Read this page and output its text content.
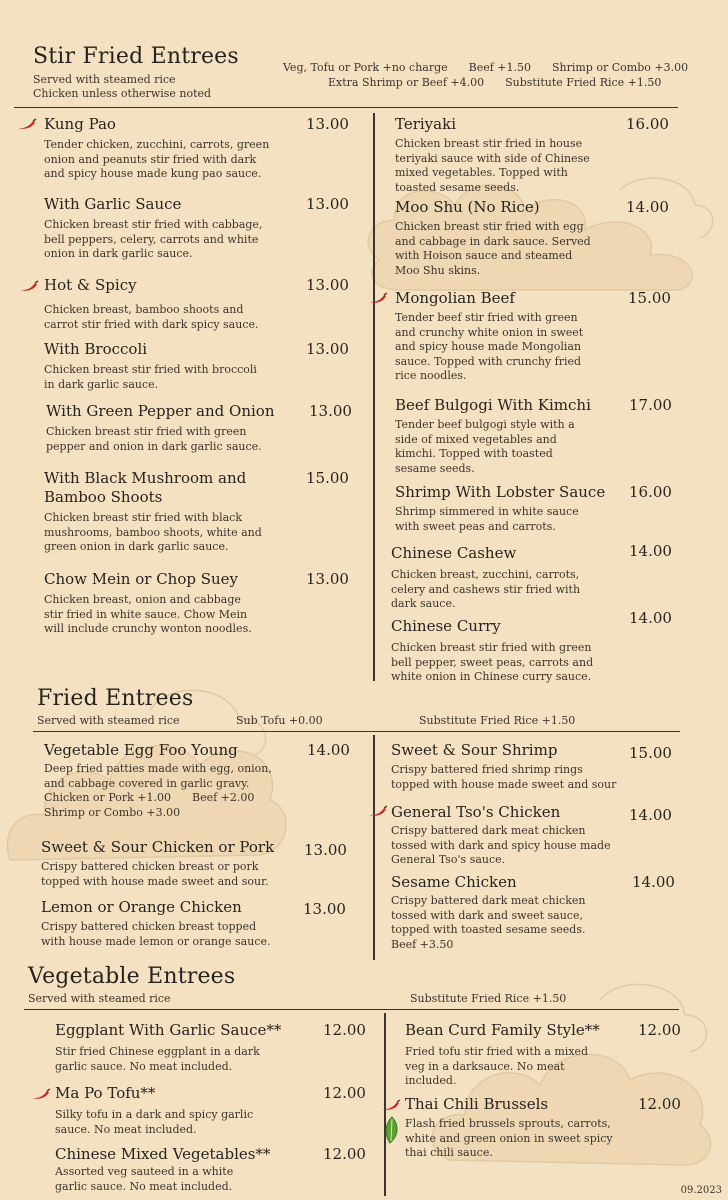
Stir Fried Entrees
Served with steamed rice
Chicken unless otherwise noted
Veg, Tofu or Pork +no charge      Beef +1.50      Shrimp or Combo +3.00
Extra Shrimp or Beef +4.00      Substitute Fried Rice +1.50
Kung Pao	13.00
Tender chicken, zucchini, carrots, green
onion and peanuts stir fried with dark
and spicy house made kung pao sauce.
With Garlic Sauce	13.00
Chicken breast stir fried with cabbage,
bell peppers, celery, carrots and white
onion in dark garlic sauce.
Hot & Spicy	13.00
Chicken breast, bamboo shoots and
carrot stir fried with dark spicy sauce.
With Broccoli	13.00
Chicken breast stir fried with broccoli
in dark garlic sauce.
With Green Pepper and Onion	13.00
Chicken breast stir fried with green
pepper and onion in dark garlic sauce.
With Black Mushroom and Bamboo Shoots
15.00
Chicken breast stir fried with black
mushrooms, bamboo shoots, white and
green onion in dark garlic sauce.
Chow Mein or Chop Suey	13.00
Chicken breast, onion and cabbage
stir fried in white sauce. Chow Mein
will include crunchy wonton noodles.
Teriyaki	16.00
Chicken breast stir fried in house
teriyaki sauce with side of Chinese
mixed vegetables. Topped with
toasted sesame seeds.
Moo Shu (No Rice)	14.00
Chicken breast stir fried with egg
and cabbage in dark sauce. Served
with Hoison sauce and steamed
Moo Shu skins.
Mongolian Beef	15.00
Tender beef stir fried with green
and crunchy white onion in sweet
and spicy house made Mongolian
sauce. Topped with crunchy fried
rice noodles.
Beef Bulgogi With Kimchi	17.00
Tender beef bulgogi style with a
side of mixed vegetables and
kimchi. Topped with toasted
sesame seeds.
Shrimp With Lobster Sauce	16.00
Shrimp simmered in white sauce
with sweet peas and carrots.
Chinese Cashew	14.00
Chicken breast, zucchini, carrots,
celery and cashews stir fried with
dark sauce.
Chinese Curry	14.00
Chicken breast stir fried with green
bell pepper, sweet peas, carrots and
white onion in Chinese curry sauce.
Fried Entrees
Served with steamed rice	Sub Tofu +0.00	Substitute Fried Rice +1.50
Vegetable Egg Foo Young	14.00
Deep fried patties made with egg, onion,
and cabbage covered in garlic gravy.
Chicken or Pork +1.00      Beef +2.00
Shrimp or Combo +3.00
Sweet & Sour Chicken or Pork	13.00
Crispy battered chicken breast or pork
topped with house made sweet and sour.
Lemon or Orange Chicken	13.00
Crispy battered chicken breast topped
with house made lemon or orange sauce.
Sweet & Sour Shrimp	15.00
Crispy battered fried shrimp rings
topped with house made sweet and sour
General Tso's Chicken	14.00
Crispy battered dark meat chicken
tossed with dark and spicy house made
General Tso's sauce.
Sesame Chicken	14.00
Crispy battered dark meat chicken
tossed with dark and sweet sauce,
topped with toasted sesame seeds.
Beef +3.50
Vegetable Entrees
Served with steamed rice	Substitute Fried Rice +1.50
Eggplant With Garlic Sauce**	12.00
Stir fried Chinese eggplant in a dark
garlic sauce. No meat included.
Ma Po Tofu**	12.00
Silky tofu in a dark and spicy garlic
sauce. No meat included.
Chinese Mixed Vegetables**	12.00
Assorted veg sauteed in a white
garlic sauce. No meat included.
Bean Curd Family Style**	12.00
Fried tofu stir fried with a mixed
veg in a darksauce. No meat
included.
Thai Chili Brussels	12.00
Flash fried brussels sprouts, carrots,
white and green onion in sweet spicy
thai chili sauce.
09.2023
